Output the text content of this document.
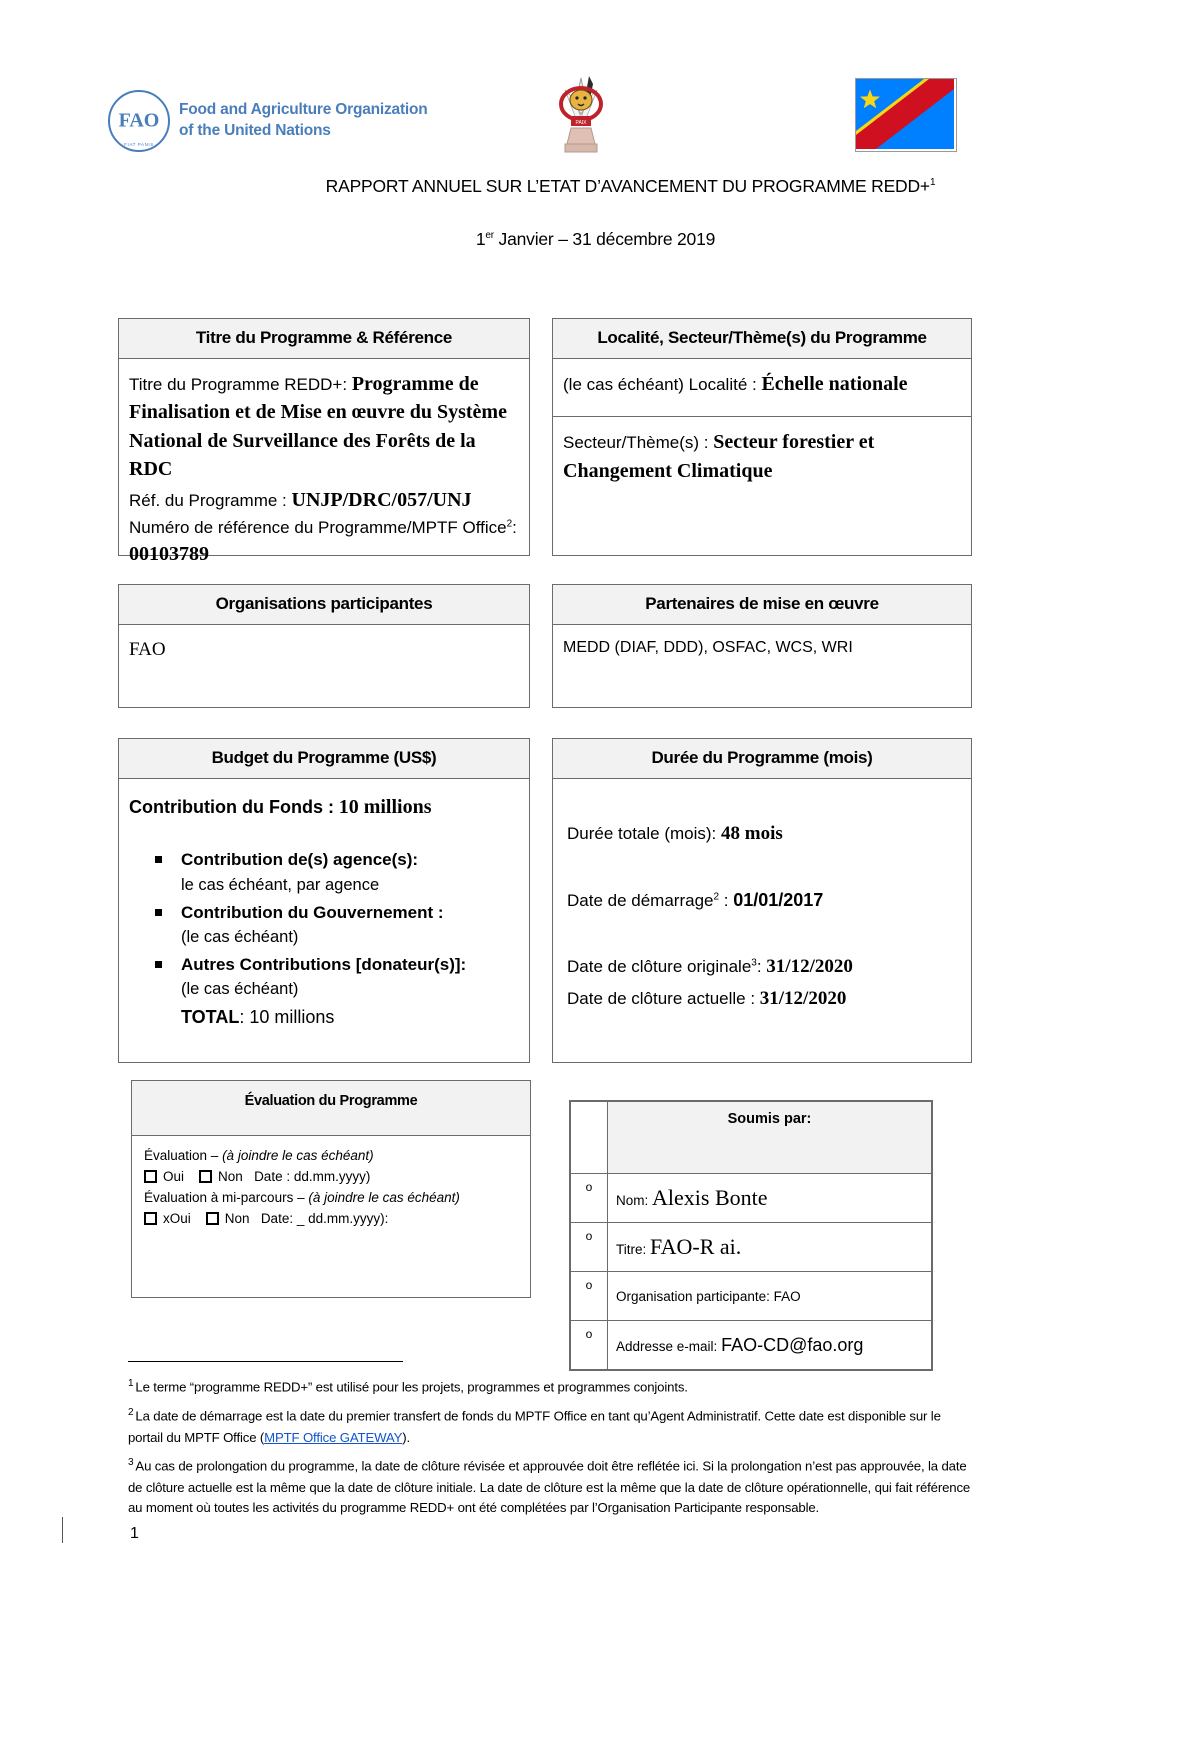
FAO
FIAT PANIS
Food and Agriculture Organization
of the United Nations	PAIX
RAPPORT ANNUEL SUR L’ETAT D’AVANCEMENT DU PROGRAMME REDD+$^1$
1er Janvier – 31 décembre 2019
Titre du Programme & Référence
Titre du Programme REDD+: Programme de Finalisation et de Mise en œuvre du Système National de Surveillance des Forêts de la RDC
Réf. du Programme : UNJP/DRC/057/UNJ
Numéro de référence du Programme/MPTF Office$^2$: 00103789
Localité, Secteur/Thème(s) du Programme
(le cas échéant) Localité : Échelle nationale
Secteur/Thème(s) : Secteur forestier et Changement Climatique
Organisations participantes
FAO
Partenaires de mise en œuvre
MEDD (DIAF, DDD), OSFAC, WCS, WRI
Budget du Programme (US$)
Contribution du Fonds : 10 millions
Contribution de(s) agence(s):
le cas échéant, par agence
Contribution du Gouvernement :
(le cas échéant)
Autres Contributions [donateur(s)]:
(le cas échéant)
TOTAL: 10 millions
Durée du Programme (mois)
Durée totale (mois): 48 mois
Date de démarrage$^2$ : 01/01/2017
Date de clôture originale$^3$: 31/12/2020
Date de clôture actuelle : 31/12/2020
Évaluation du Programme
Évaluation – (à joindre le cas échéant)
Oui	Non Date : dd.mm.yyyy)
Évaluation à mi-parcours – (à joindre le cas échéant)
xOui	Non Date: _ dd.mm.yyyy):
	Soumis par:
o	Nom: Alexis Bonte
o	Titre: FAO-R ai.
o	Organisation participante: FAO
o	Addresse e-mail: FAO-CD@fao.org

$^1$ Le terme “programme REDD+” est utilisé pour les projets, programmes et programmes conjoints.

$^2$ La date de démarrage est la date du premier transfert de fonds du MPTF Office en tant qu’Agent Administratif. Cette date est disponible sur le portail du MPTF Office (MPTF Office GATEWAY).

$^3$ Au cas de prolongation du programme, la date de clôture révisée et approuvée doit être reflétée ici. Si la prolongation n’est pas approuvée, la date de clôture actuelle est la même que la date de clôture initiale. La date de clôture est la même que la date de clôture opérationnelle, qui fait référence au moment où toutes les activités du programme REDD+ ont été complétées par l’Organisation Participante responsable.

1
